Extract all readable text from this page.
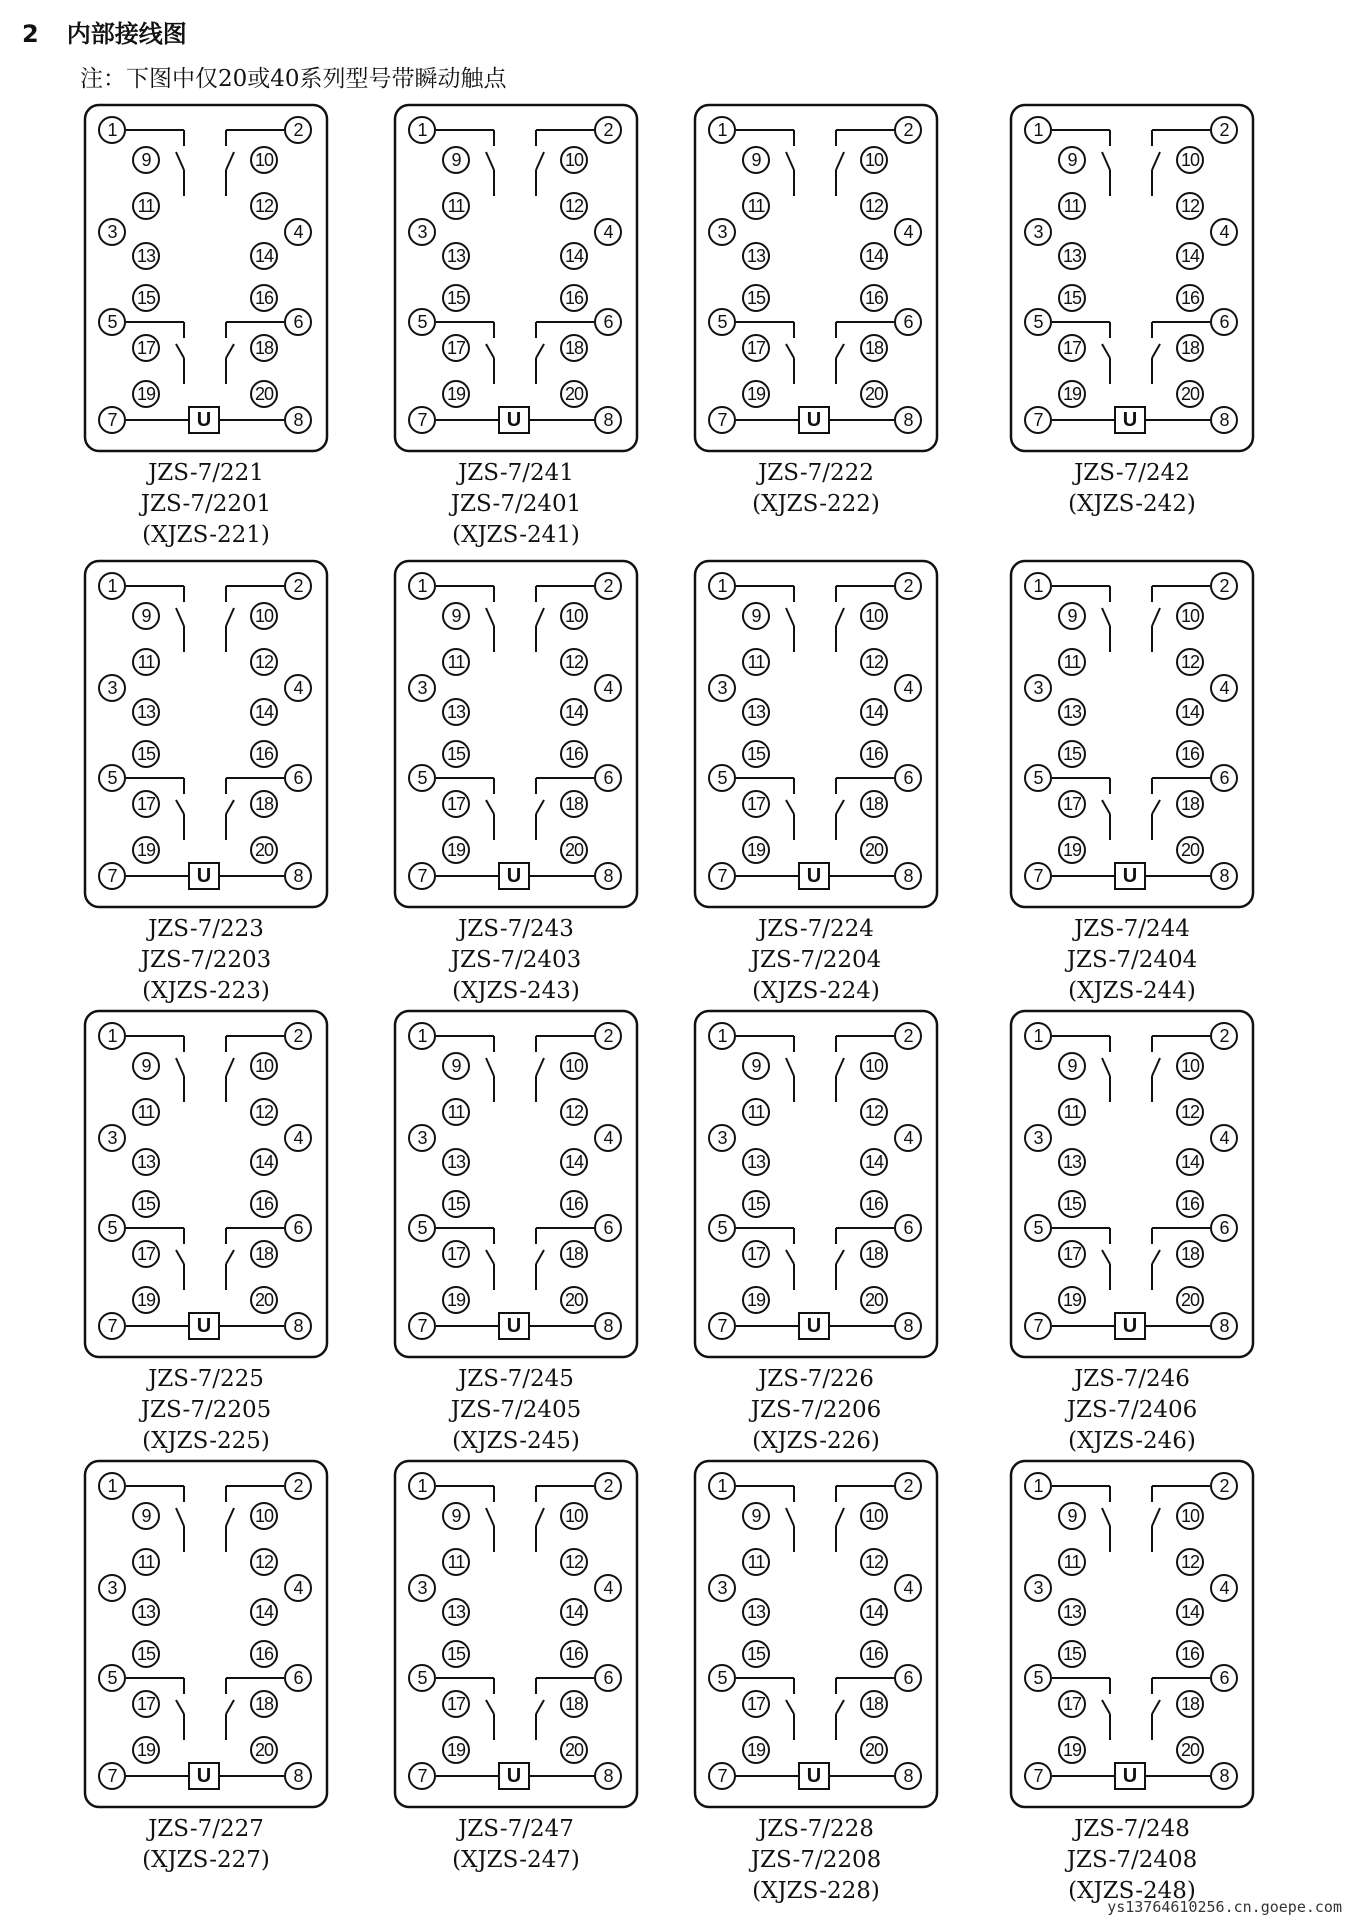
2 内部接线图
注：下图中仅20或40系列型号带瞬动触点
1	2
3	4
5	6
7	8
9	10
11	12
13	14
15	16
17	18
19	20
U
JZS-7/221
JZS-7/2201
(XJZS-221)
1	2
3	4
5	6
7	8
9	10
11	12
13	14
15	16
17	18
19	20
U
JZS-7/241
JZS-7/2401
(XJZS-241)
1	2
3	4
5	6
7	8
9	10
11	12
13	14
15	16
17	18
19	20
U
JZS-7/222
(XJZS-222)
1	2
3	4
5	6
7	8
9	10
11	12
13	14
15	16
17	18
19	20
U
JZS-7/242
(XJZS-242)
1	2
3	4
5	6
7	8
9	10
11	12
13	14
15	16
17	18
19	20
U
JZS-7/223
JZS-7/2203
(XJZS-223)
1	2
3	4
5	6
7	8
9	10
11	12
13	14
15	16
17	18
19	20
U
JZS-7/243
JZS-7/2403
(XJZS-243)
1	2
3	4
5	6
7	8
9	10
11	12
13	14
15	16
17	18
19	20
U
JZS-7/224
JZS-7/2204
(XJZS-224)
1	2
3	4
5	6
7	8
9	10
11	12
13	14
15	16
17	18
19	20
U
JZS-7/244
JZS-7/2404
(XJZS-244)
1	2
3	4
5	6
7	8
9	10
11	12
13	14
15	16
17	18
19	20
U
JZS-7/225
JZS-7/2205
(XJZS-225)
1	2
3	4
5	6
7	8
9	10
11	12
13	14
15	16
17	18
19	20
U
JZS-7/245
JZS-7/2405
(XJZS-245)
1	2
3	4
5	6
7	8
9	10
11	12
13	14
15	16
17	18
19	20
U
JZS-7/226
JZS-7/2206
(XJZS-226)
1	2
3	4
5	6
7	8
9	10
11	12
13	14
15	16
17	18
19	20
U
JZS-7/246
JZS-7/2406
(XJZS-246)
1	2
3	4
5	6
7	8
9	10
11	12
13	14
15	16
17	18
19	20
U
JZS-7/227
(XJZS-227)
1	2
3	4
5	6
7	8
9	10
11	12
13	14
15	16
17	18
19	20
U
JZS-7/247
(XJZS-247)
1	2
3	4
5	6
7	8
9	10
11	12
13	14
15	16
17	18
19	20
U
JZS-7/228
JZS-7/2208
(XJZS-228)
1	2
3	4
5	6
7	8
9	10
11	12
13	14
15	16
17	18
19	20
U
JZS-7/248
JZS-7/2408
(XJZS-248)
ys13764610256.cn.goepe.com
